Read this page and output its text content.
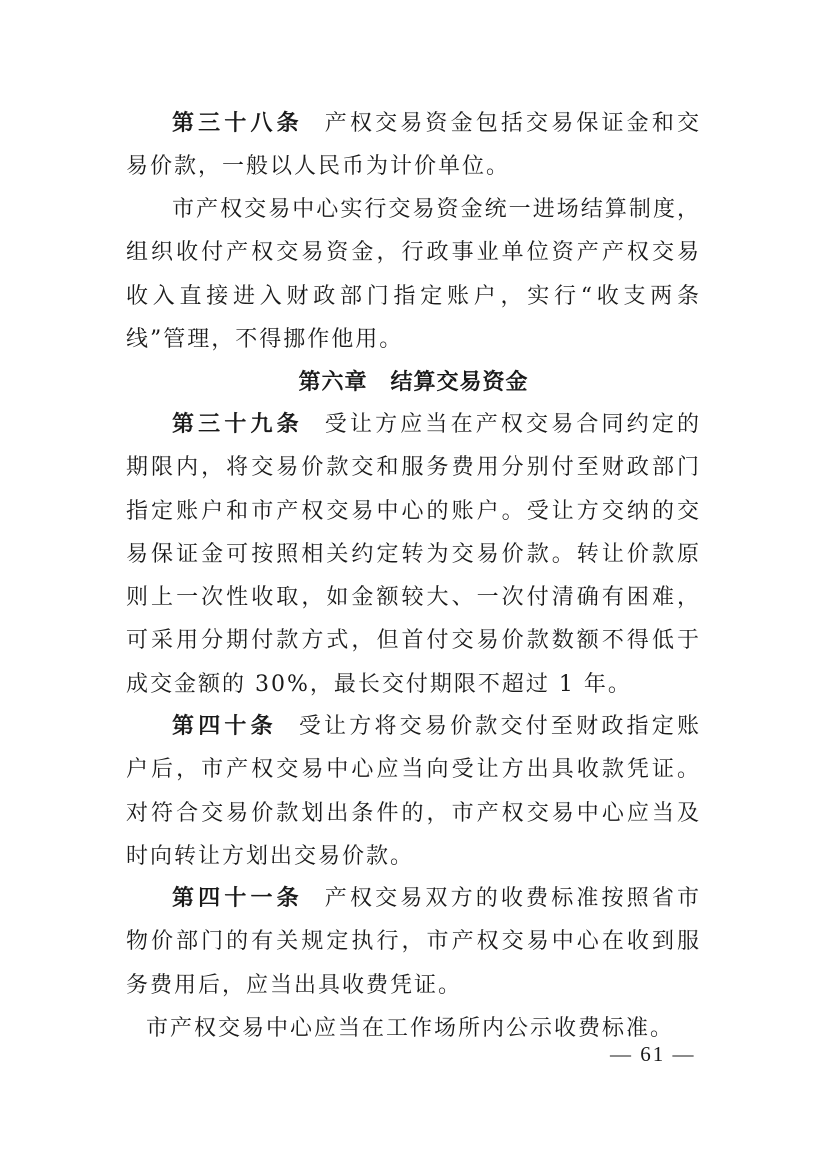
第三十八条 产权交易资金包括交易保证金和交易价款，一般以人民币为计价单位。

市产权交易中心实行交易资金统一进场结算制度，组织收付产权交易资金，行政事业单位资产产权交易收入直接进入财政部门指定账户，实行“收支两条线”管理，不得挪作他用。

第六章　结算交易资金

第三十九条 受让方应当在产权交易合同约定的期限内，将交易价款交和服务费用分别付至财政部门指定账户和市产权交易中心的账户。受让方交纳的交易保证金可按照相关约定转为交易价款。转让价款原则上一次性收取，如金额较大、一次付清确有困难，可采用分期付款方式，但首付交易价款数额不得低于成交金额的 30%，最长交付期限不超过 1 年。

第四十条 受让方将交易价款交付至财政指定账户后，市产权交易中心应当向受让方出具收款凭证。对符合交易价款划出条件的，市产权交易中心应当及时向转让方划出交易价款。

第四十一条 产权交易双方的收费标准按照省市物价部门的有关规定执行，市产权交易中心在收到服务费用后，应当出具收费凭证。

市产权交易中心应当在工作场所内公示收费标准。

— 61 —
